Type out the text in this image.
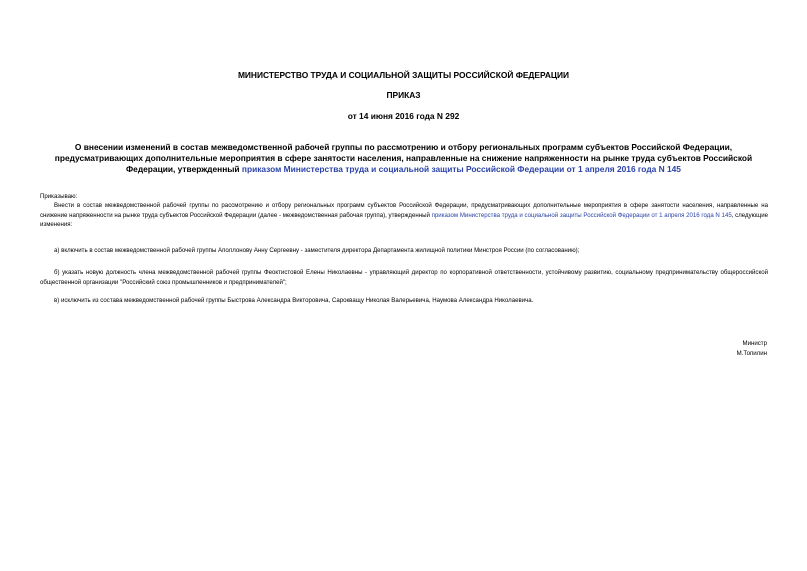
МИНИСТЕРСТВО ТРУДА И СОЦИАЛЬНОЙ ЗАЩИТЫ РОССИЙСКОЙ ФЕДЕРАЦИИ
ПРИКАЗ
от 14 июня 2016 года N 292
О внесении изменений в состав межведомственной рабочей группы по рассмотрению и отбору региональных программ субъектов Российской Федерации, предусматривающих дополнительные мероприятия в сфере занятости населения, направленные на снижение напряженности на рынке труда субъектов Российской Федерации, утвержденный приказом Министерства труда и социальной защиты Российской Федерации от 1 апреля 2016 года N 145
Приказываю:
Внести в состав межведомственной рабочей группы по рассмотрению и отбору региональных программ субъектов Российской Федерации, предусматривающих дополнительные мероприятия в сфере занятости населения, направленные на снижение напряженности на рынке труда субъектов Российской Федерации (далее - межведомственная рабочая группа), утвержденный приказом Министерства труда и социальной защиты Российской Федерации от 1 апреля 2016 года N 145, следующие изменения:
а) включить в состав межведомственной рабочей группы Аполлонову Анну Сергеевну - заместителя директора Департамента жилищной политики Минстроя России (по согласованию);
б) указать новую должность члена межведомственной рабочей группы Феоктистовой Елены Николаевны - управляющий директор по корпоративной ответственности, устойчивому развитию, социальному предпринимательству общероссийской общественной организации "Российский союз промышленников и предпринимателей";
в) исключить из состава межведомственной рабочей группы Быстрова Александра Викторовича, Сарокващу Николая Валерьевича, Наумова Александра Николаевича.
Министр
М.Топилин
